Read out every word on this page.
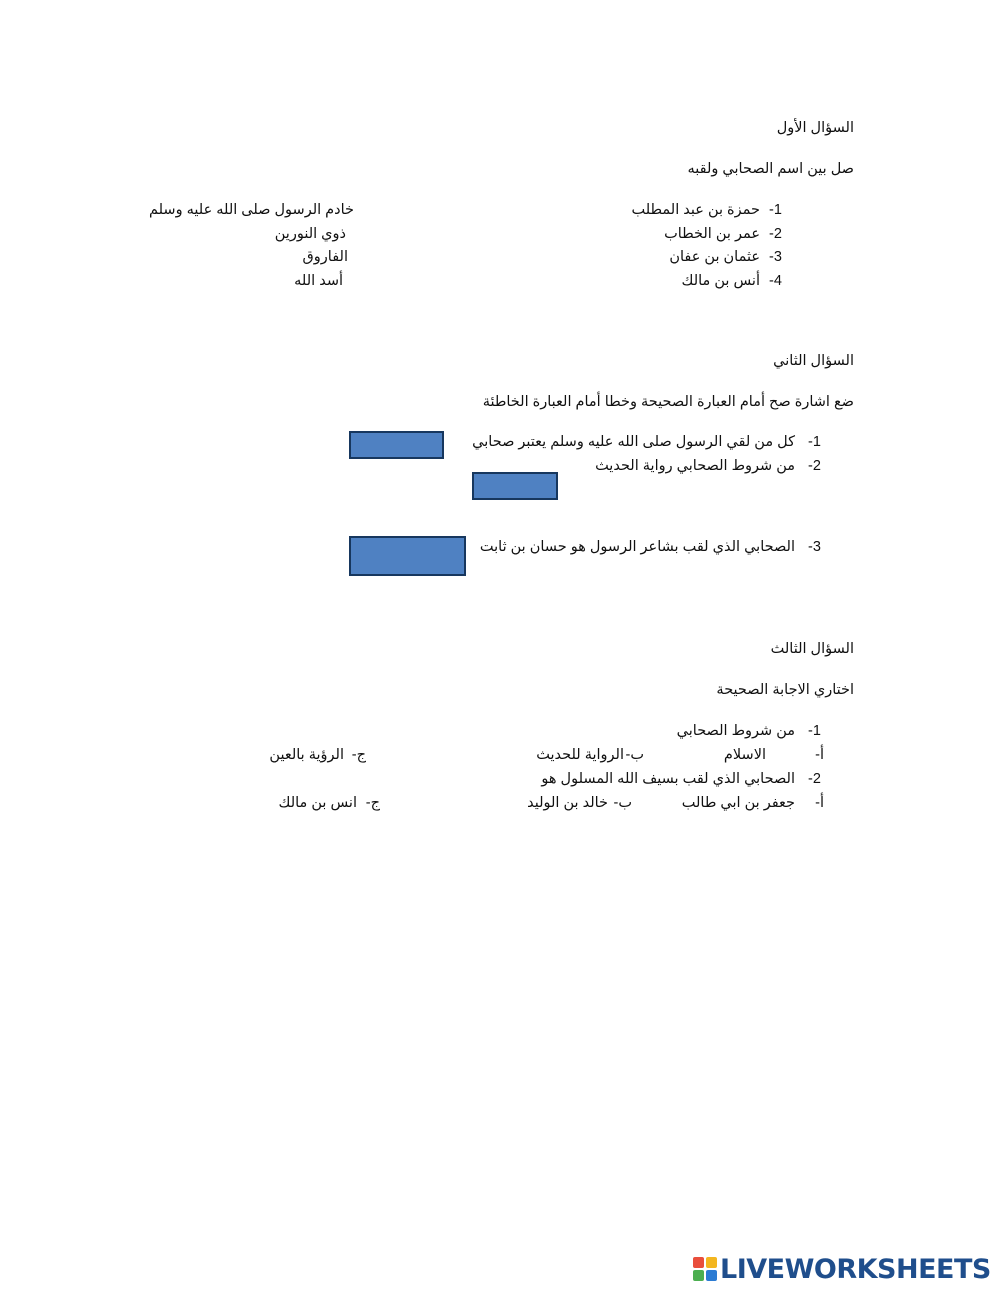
السؤال الأول
صل بين اسم الصحابي ولقبه
-1
حمزة بن عبد المطلب
خادم الرسول صلى الله عليه وسلم
-2
عمر بن الخطاب
ذوي النورين
-3
عثمان بن عفان
الفاروق
-4
أنس بن مالك
أسد الله
السؤال الثاني
ضع اشارة صح أمام العبارة الصحيحة وخطا أمام العبارة الخاطئة
-1
كل من لقي الرسول صلى الله عليه وسلم يعتبر صحابي
-2
من شروط الصحابي رواية الحديث
-3
الصحابي الذي لقب بشاعر الرسول هو حسان بن ثابت
السؤال الثالث
اختاري الاجابة الصحيحة
-1
من شروط الصحابي
أ-
الاسلام
ب-
الرواية للحديث
ج-
الرؤية بالعين
-2
الصحابي الذي لقب بسيف الله المسلول هو
أ-
جعفر بن ابي طالب
ب-
خالد بن الوليد
ج-
انس بن مالك
LIVEWORKSHEETS
